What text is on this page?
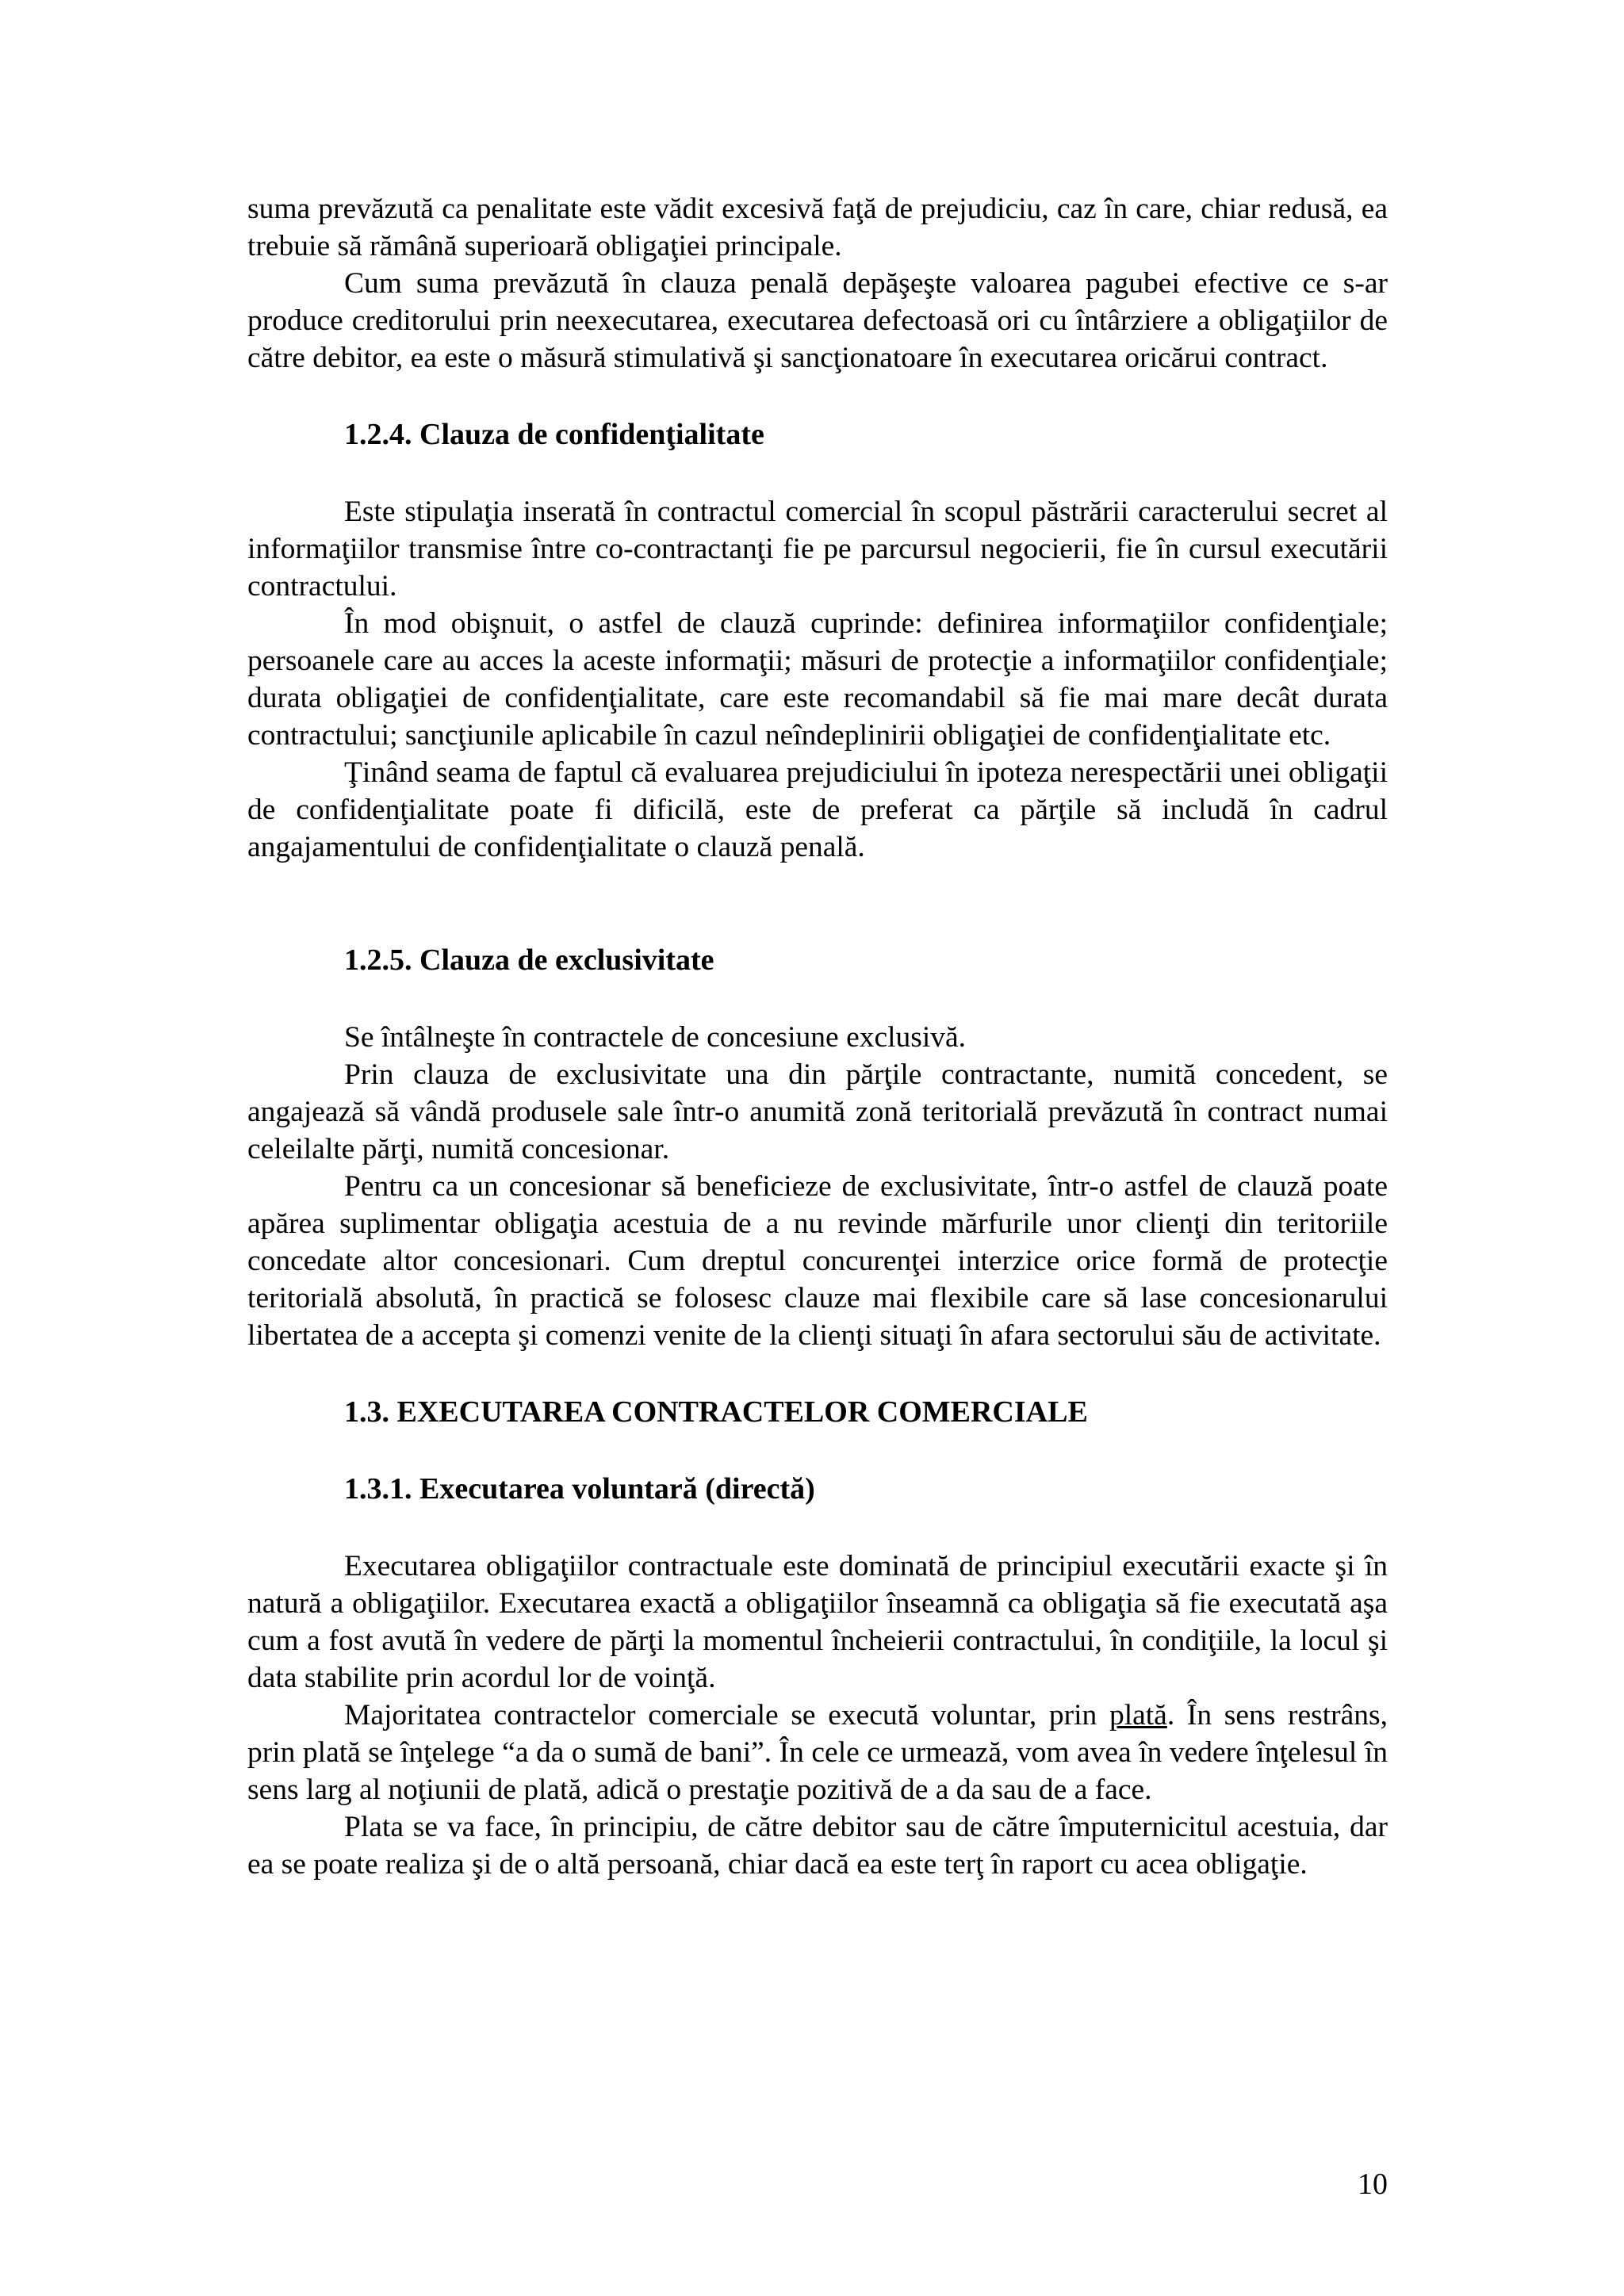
suma prevăzută ca penalitate este vădit excesivă faţă de prejudiciu, caz în care, chiar redusă, ea trebuie să rămână superioară obligaţiei principale.

Cum suma prevăzută în clauza penală depăşeşte valoarea pagubei efective ce s-ar produce creditorului prin neexecutarea, executarea defectoasă ori cu întârziere a obligaţiilor de către debitor, ea este o măsură stimulativă şi sancţionatoare în executarea oricărui contract.

1.2.4. Clauza de confidenţialitate

Este stipulaţia inserată în contractul comercial în scopul păstrării caracterului secret al informaţiilor transmise între co-contractanţi fie pe parcursul negocierii, fie în cursul executării contractului.

În mod obişnuit, o astfel de clauză cuprinde: definirea informaţiilor confidenţiale; persoanele care au acces la aceste informaţii; măsuri de protecţie a informaţiilor confidenţiale; durata obligaţiei de confidenţialitate, care este recomandabil să fie mai mare decât durata contractului; sancţiunile aplicabile în cazul neîndeplinirii obligaţiei de confidenţialitate etc.

Ţinând seama de faptul că evaluarea prejudiciului în ipoteza nerespectării unei obligaţii de confidenţialitate poate fi dificilă, este de preferat ca părţile să includă în cadrul angajamentului de confidenţialitate o clauză penală.

1.2.5. Clauza de exclusivitate

Se întâlneşte în contractele de concesiune exclusivă.

Prin clauza de exclusivitate una din părţile contractante, numită concedent, se angajează să vândă produsele sale într-o anumită zonă teritorială prevăzută în contract numai celeilalte părţi, numită concesionar.

Pentru ca un concesionar să beneficieze de exclusivitate, într-o astfel de clauză poate apărea suplimentar obligaţia acestuia de a nu revinde mărfurile unor clienţi din teritoriile concedate altor concesionari. Cum dreptul concurenţei interzice orice formă de protecţie teritorială absolută, în practică se folosesc clauze mai flexibile care să lase concesionarului libertatea de a accepta şi comenzi venite de la clienţi situaţi în afara sectorului său de activitate.

1.3. EXECUTAREA CONTRACTELOR COMERCIALE

1.3.1. Executarea voluntară (directă)

Executarea obligaţiilor contractuale este dominată de principiul executării exacte şi în natură a obligaţiilor. Executarea exactă a obligaţiilor înseamnă ca obligaţia să fie executată aşa cum a fost avută în vedere de părţi la momentul încheierii contractului, în condiţiile, la locul şi data stabilite prin acordul lor de voinţă.

Majoritatea contractelor comerciale se execută voluntar, prin plată. În sens restrâns, prin plată se înţelege “a da o sumă de bani”. În cele ce urmează, vom avea în vedere înţelesul în sens larg al noţiunii de plată, adică o prestaţie pozitivă de a da sau de a face.

Plata se va face, în principiu, de către debitor sau de către împuternicitul acestuia, dar ea se poate realiza şi de o altă persoană, chiar dacă ea este terţ în raport cu acea obligaţie.

10
